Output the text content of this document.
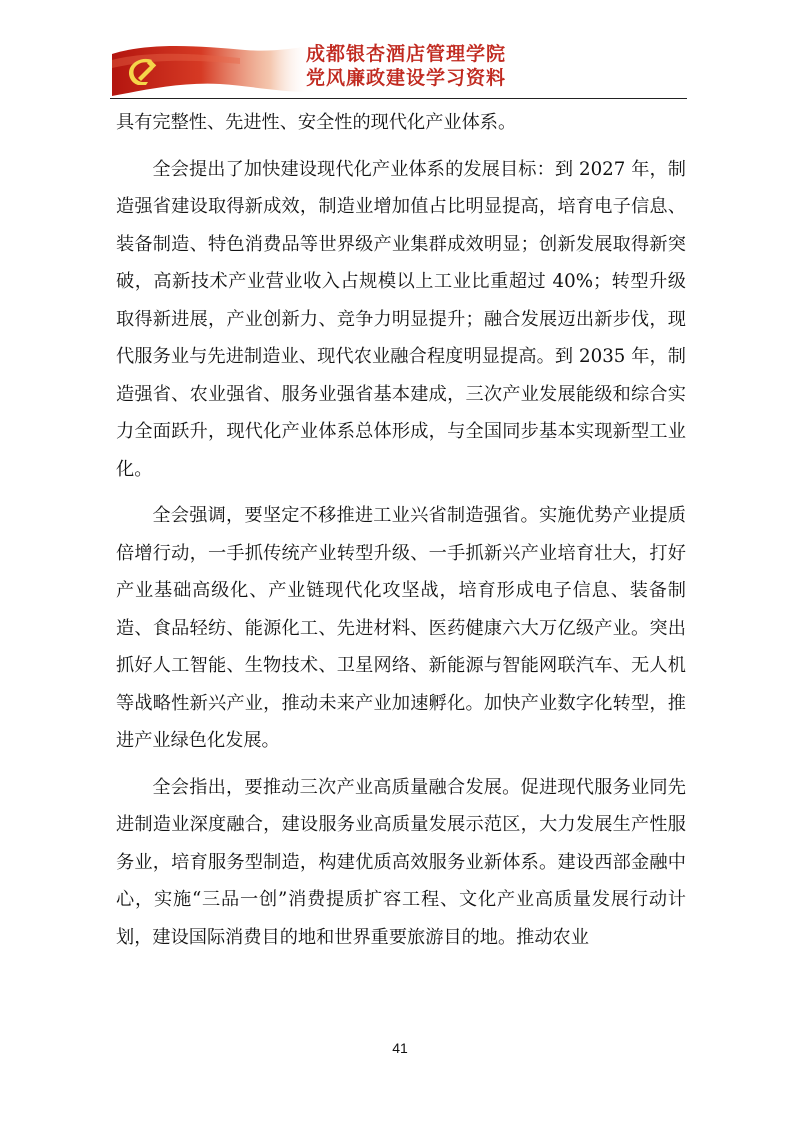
成都银杏酒店管理学院
党风廉政建设学习资料

具有完整性、先进性、安全性的现代化产业体系。

全会提出了加快建设现代化产业体系的发展目标：到 2027 年，制造强省建设取得新成效，制造业增加值占比明显提高，培育电子信息、装备制造、特色消费品等世界级产业集群成效明显；创新发展取得新突破，高新技术产业营业收入占规模以上工业比重超过 40%；转型升级取得新进展，产业创新力、竞争力明显提升；融合发展迈出新步伐，现代服务业与先进制造业、现代农业融合程度明显提高。到 2035 年，制造强省、农业强省、服务业强省基本建成，三次产业发展能级和综合实力全面跃升，现代化产业体系总体形成，与全国同步基本实现新型工业化。

全会强调，要坚定不移推进工业兴省制造强省。实施优势产业提质倍增行动，一手抓传统产业转型升级、一手抓新兴产业培育壮大，打好产业基础高级化、产业链现代化攻坚战，培育形成电子信息、装备制造、食品轻纺、能源化工、先进材料、医药健康六大万亿级产业。突出抓好人工智能、生物技术、卫星网络、新能源与智能网联汽车、无人机等战略性新兴产业，推动未来产业加速孵化。加快产业数字化转型，推进产业绿色化发展。

全会指出，要推动三次产业高质量融合发展。促进现代服务业同先进制造业深度融合，建设服务业高质量发展示范区，大力发展生产性服务业，培育服务型制造，构建优质高效服务业新体系。建设西部金融中心，实施“三品一创”消费提质扩容工程、文化产业高质量发展行动计划，建设国际消费目的地和世界重要旅游目的地。推动农业

41
